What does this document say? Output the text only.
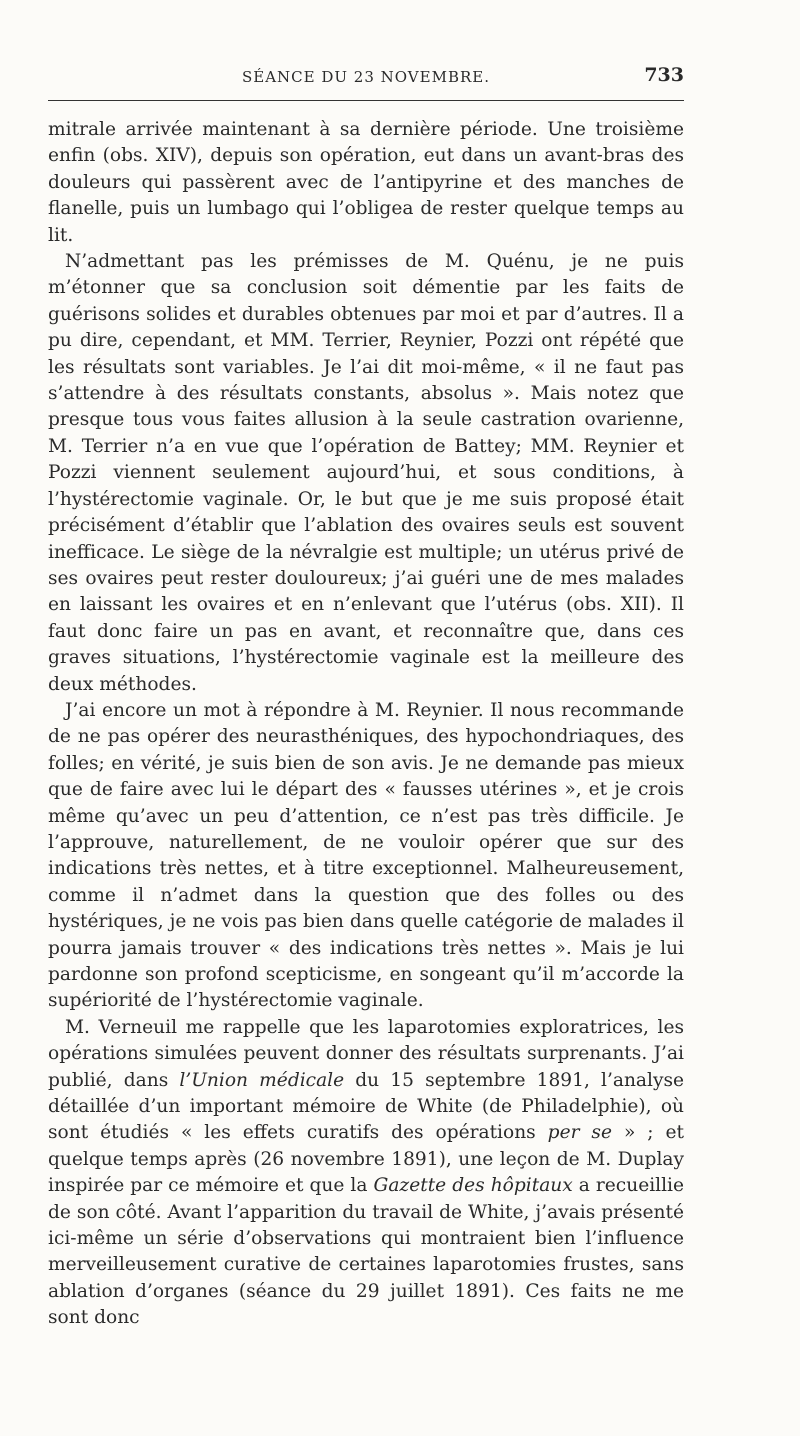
SÉANCE DU 23 NOVEMBRE.	733

mitrale arrivée maintenant à sa dernière période. Une troisième enfin (obs. XIV), depuis son opération, eut dans un avant-bras des douleurs qui passèrent avec de l’antipyrine et des manches de flanelle, puis un lumbago qui l’obligea de rester quelque temps au lit.

N’admettant pas les prémisses de M. Quénu, je ne puis m’étonner que sa conclusion soit démentie par les faits de guérisons solides et durables obtenues par moi et par d’autres. Il a pu dire, cependant, et MM. Terrier, Reynier, Pozzi ont répété que les résultats sont variables. Je l’ai dit moi-même, « il ne faut pas s’attendre à des résultats constants, absolus ». Mais notez que presque tous vous faites allusion à la seule castration ovarienne, M. Terrier n’a en vue que l’opération de Battey; MM. Reynier et Pozzi viennent seulement aujourd’hui, et sous conditions, à l’hystérectomie vaginale. Or, le but que je me suis proposé était précisément d’établir que l’ablation des ovaires seuls est souvent inefficace. Le siège de la névralgie est multiple; un utérus privé de ses ovaires peut rester douloureux; j’ai guéri une de mes malades en laissant les ovaires et en n’enlevant que l’utérus (obs. XII). Il faut donc faire un pas en avant, et reconnaître que, dans ces graves situations, l’hystérectomie vaginale est la meilleure des deux méthodes.

J’ai encore un mot à répondre à M. Reynier. Il nous recommande de ne pas opérer des neurasthéniques, des hypochondriaques, des folles; en vérité, je suis bien de son avis. Je ne demande pas mieux que de faire avec lui le départ des « fausses utérines », et je crois même qu’avec un peu d’attention, ce n’est pas très difficile. Je l’approuve, naturellement, de ne vouloir opérer que sur des indications très nettes, et à titre exceptionnel. Malheureusement, comme il n’admet dans la question que des folles ou des hystériques, je ne vois pas bien dans quelle catégorie de malades il pourra jamais trouver « des indications très nettes ». Mais je lui pardonne son profond scepticisme, en songeant qu’il m’accorde la supériorité de l’hystérectomie vaginale.

M. Verneuil me rappelle que les laparotomies exploratrices, les opérations simulées peuvent donner des résultats surprenants. J’ai publié, dans l’Union médicale du 15 septembre 1891, l’analyse détaillée d’un important mémoire de White (de Philadelphie), où sont étudiés « les effets curatifs des opérations per se » ; et quelque temps après (26 novembre 1891), une leçon de M. Duplay inspirée par ce mémoire et que la Gazette des hôpitaux a recueillie de son côté. Avant l’apparition du travail de White, j’avais présenté ici-même un série d’observations qui montraient bien l’influence merveilleusement curative de certaines laparotomies frustes, sans ablation d’organes (séance du 29 juillet 1891). Ces faits ne me sont donc
